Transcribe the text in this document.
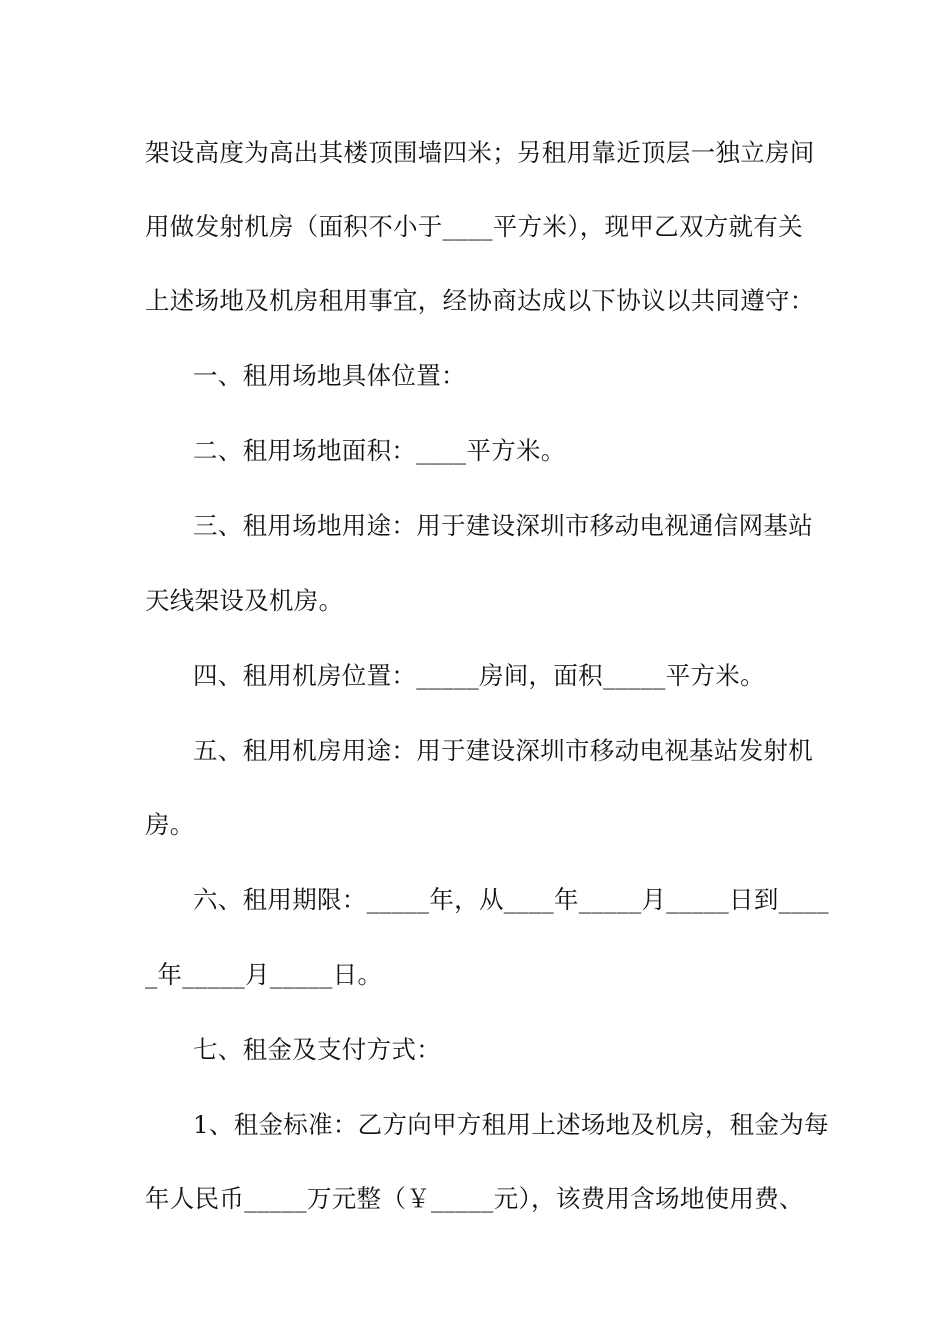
架设高度为高出其楼顶围墙四米；另租用靠近顶层一独立房间
用做发射机房（面积不小于____平方米），现甲乙双方就有关
上述场地及机房租用事宜，经协商达成以下协议以共同遵守：
一、租用场地具体位置：
二、租用场地面积：____平方米。
三、租用场地用途：用于建设深圳市移动电视通信网基站
天线架设及机房。
四、租用机房位置：_____房间，面积_____平方米。
五、租用机房用途：用于建设深圳市移动电视基站发射机
房。
六、租用期限：_____年，从____年_____月_____日到____
_年_____月_____日。
七、租金及支付方式：
1、租金标准：乙方向甲方租用上述场地及机房，租金为每
年人民币_____万元整（￥_____元），该费用含场地使用费、
